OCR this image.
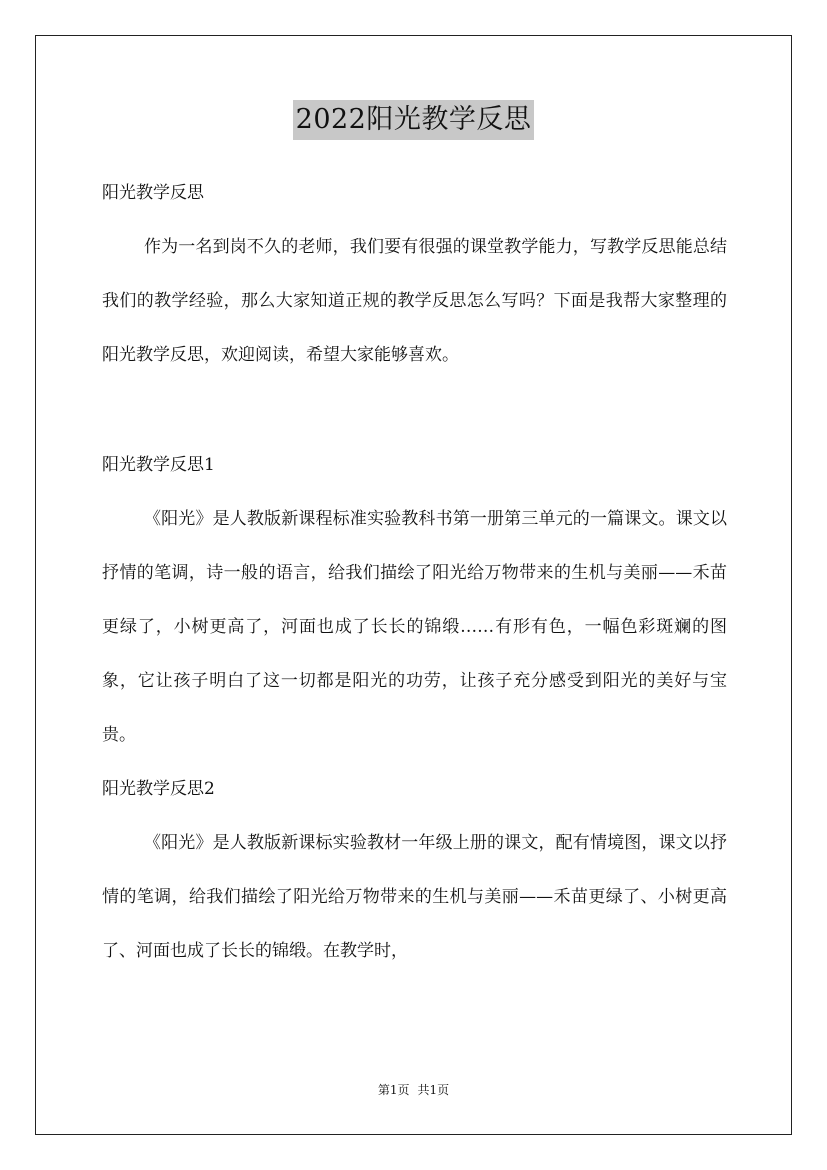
2022阳光教学反思

阳光教学反思

作为一名到岗不久的老师，我们要有很强的课堂教学能力，写教学反思能总结我们的教学经验，那么大家知道正规的教学反思怎么写吗？下面是我帮大家整理的阳光教学反思，欢迎阅读，希望大家能够喜欢。

阳光教学反思1

《阳光》是人教版新课程标准实验教科书第一册第三单元的一篇课文。课文以抒情的笔调，诗一般的语言，给我们描绘了阳光给万物带来的生机与美丽——禾苗更绿了，小树更高了，河面也成了长长的锦缎……有形有色，一幅色彩斑斓的图象，它让孩子明白了这一切都是阳光的功劳，让孩子充分感受到阳光的美好与宝贵。

阳光教学反思2

《阳光》是人教版新课标实验教材一年级上册的课文，配有情境图，课文以抒情的笔调，给我们描绘了阳光给万物带来的生机与美丽——禾苗更绿了、小树更高了、河面也成了长长的锦缎。在教学时，

第1页 共1页
